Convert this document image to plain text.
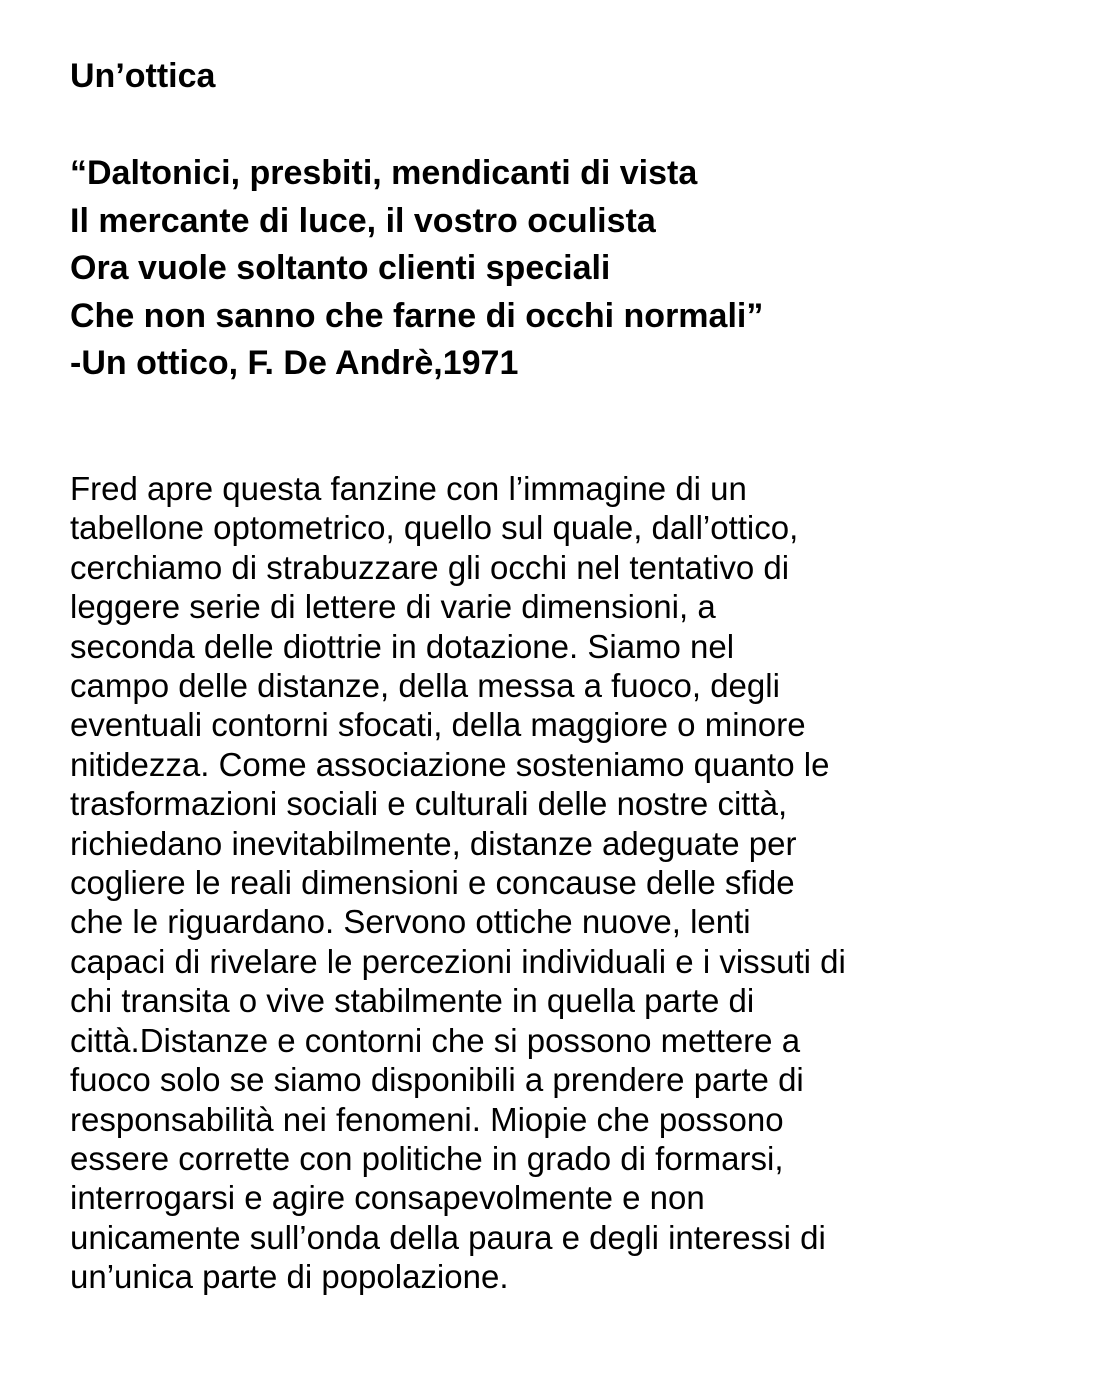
Un’ottica
“Daltonici, presbiti, mendicanti di vista
Il mercante di luce, il vostro oculista
Ora vuole soltanto clienti speciali
Che non sanno che farne di occhi normali”
-Un ottico, F. De Andrè,1971
Fred apre questa fanzine con l’immagine di un
tabellone optometrico, quello sul quale, dall’ottico,
cerchiamo di strabuzzare gli occhi nel tentativo di
leggere serie di lettere di varie dimensioni, a
seconda delle diottrie in dotazione. Siamo nel
campo delle distanze, della messa a fuoco, degli
eventuali contorni sfocati, della maggiore o minore
nitidezza. Come associazione sosteniamo quanto le
trasformazioni sociali e culturali delle nostre città,
richiedano inevitabilmente, distanze adeguate per
cogliere le reali dimensioni e concause delle sfide
che le riguardano. Servono ottiche nuove, lenti
capaci di rivelare le percezioni individuali e i vissuti di
chi transita o vive stabilmente in quella parte di
città.Distanze e contorni che si possono mettere a
fuoco solo se siamo disponibili a prendere parte di
responsabilità nei fenomeni. Miopie che possono
essere corrette con politiche in grado di formarsi,
interrogarsi e agire consapevolmente e non
unicamente sull’onda della paura e degli interessi di
un’unica parte di popolazione.
